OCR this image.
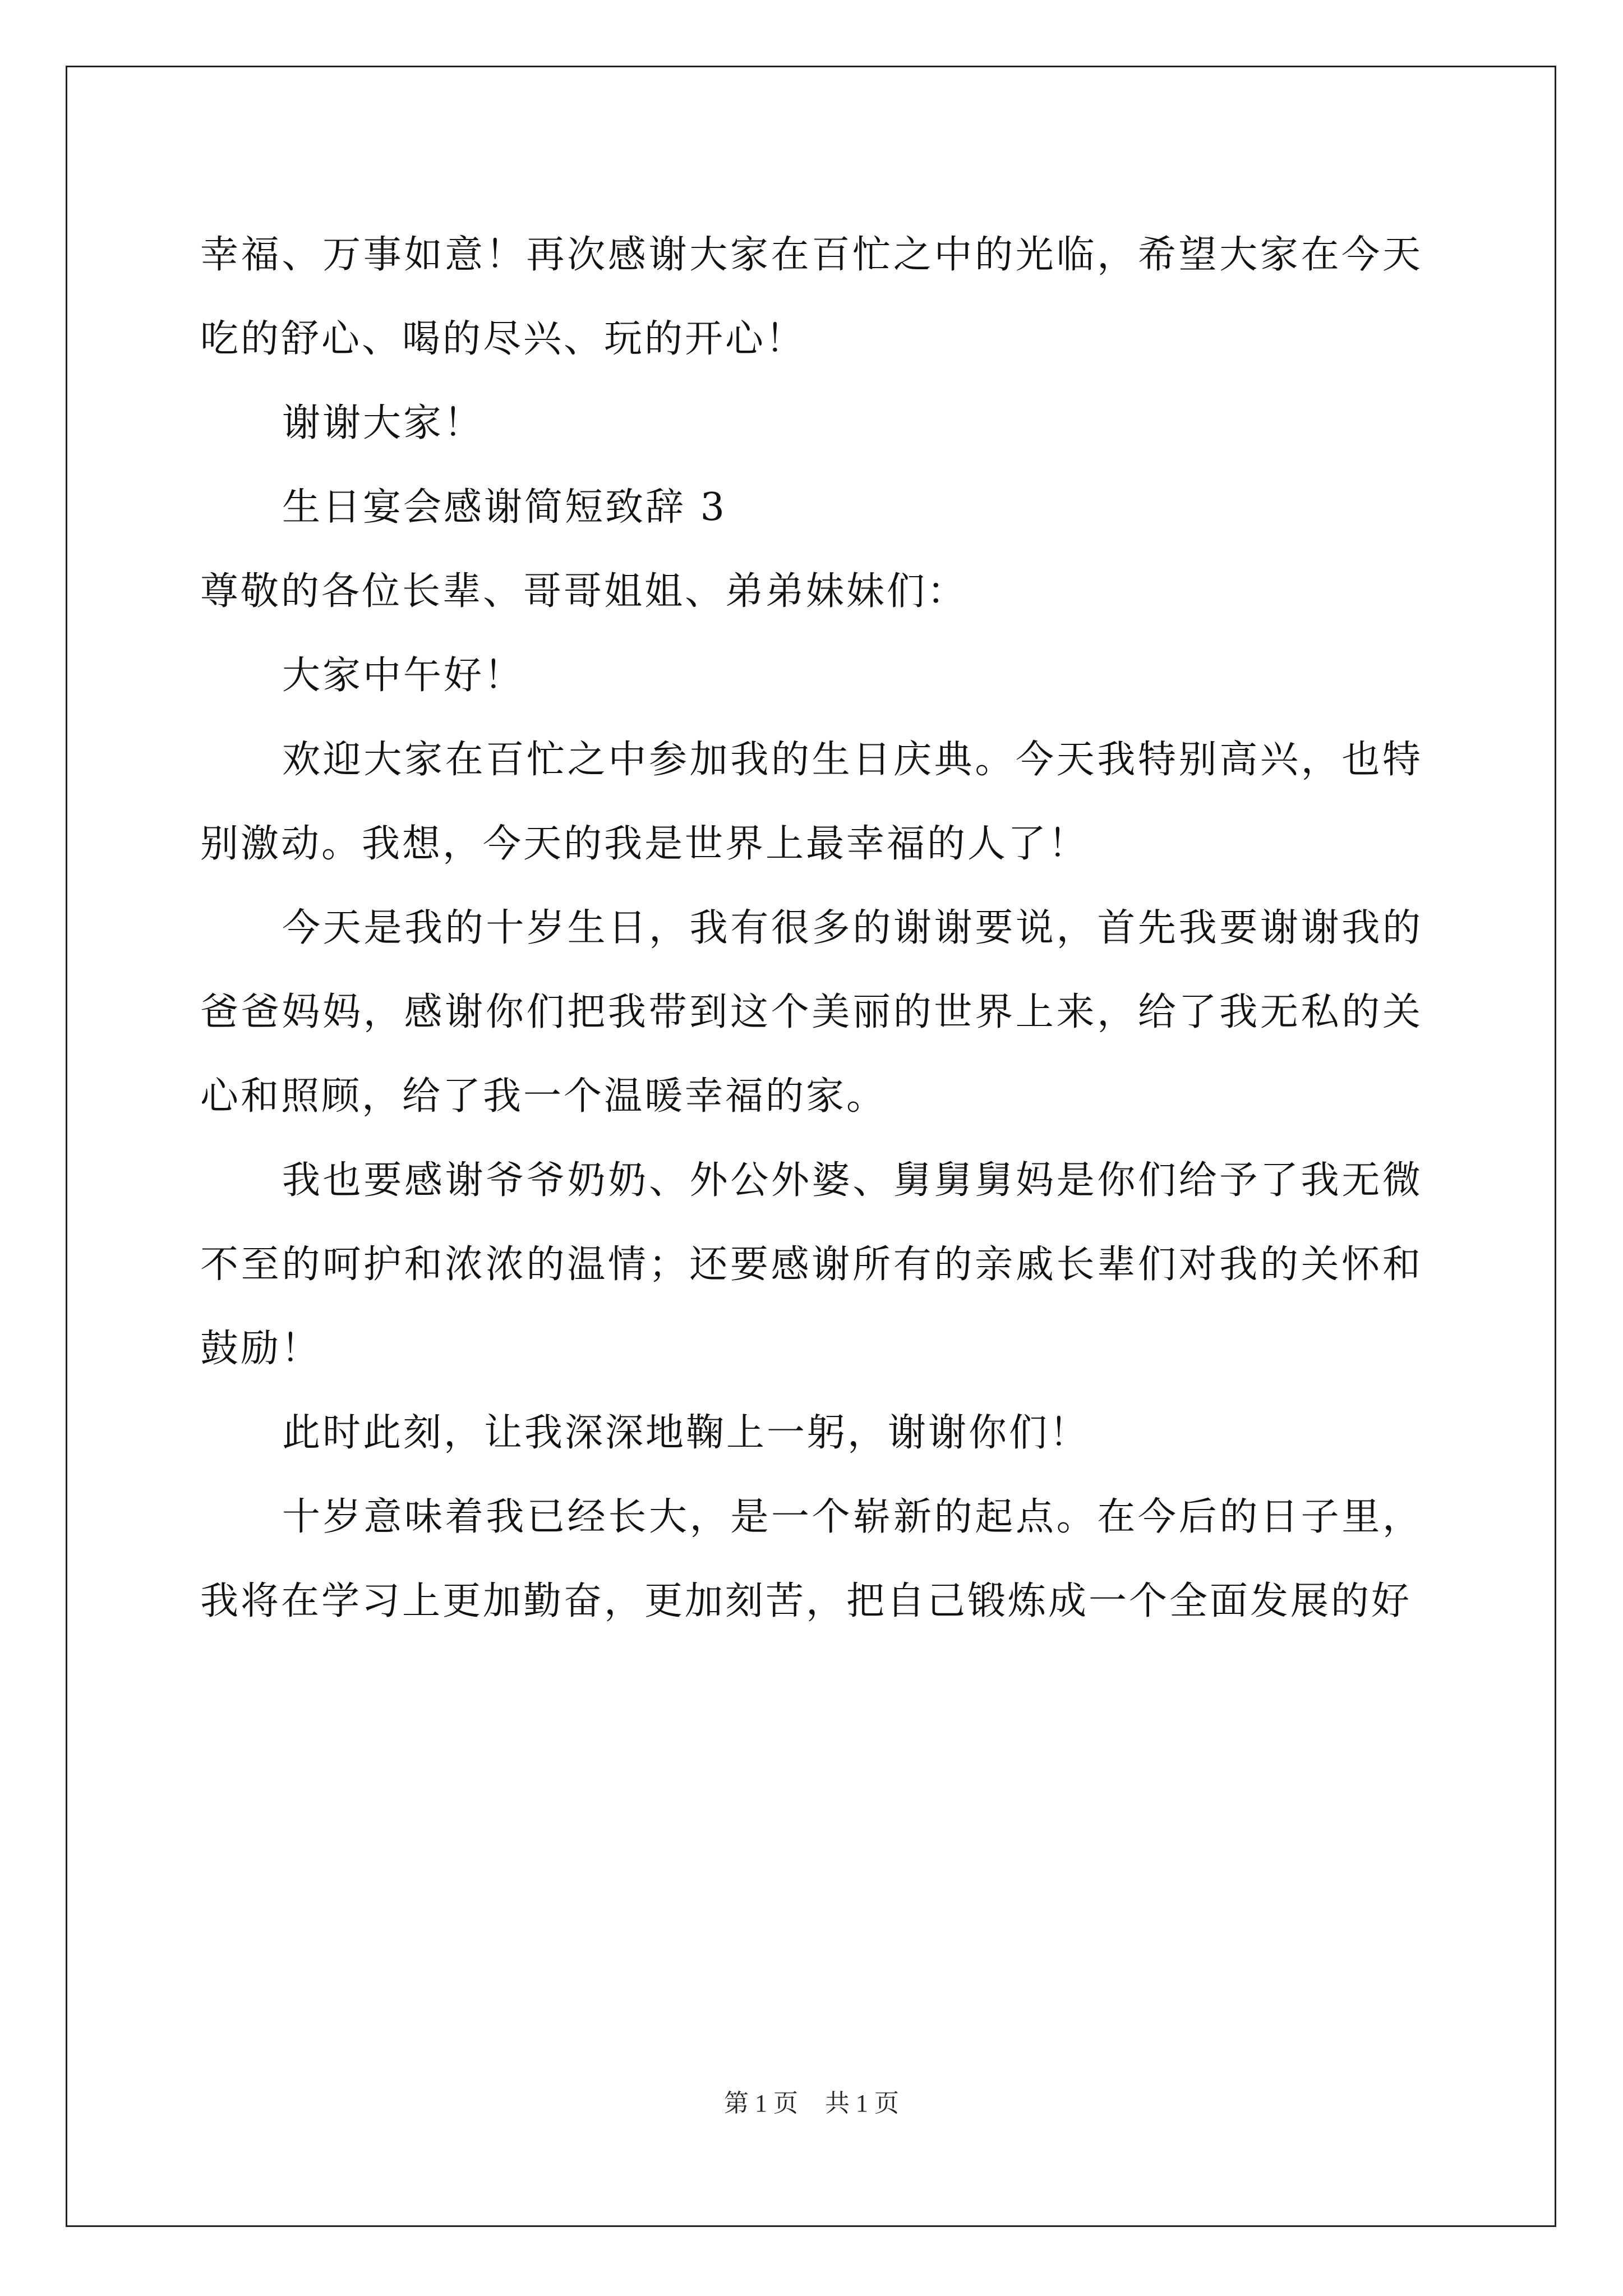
幸福、万事如意！再次感谢大家在百忙之中的光临，希望大家在今天吃的舒心、喝的尽兴、玩的开心！

谢谢大家！

生日宴会感谢简短致辞 3

尊敬的各位长辈、哥哥姐姐、弟弟妹妹们：

大家中午好！

欢迎大家在百忙之中参加我的生日庆典。今天我特别高兴，也特别激动。我想，今天的我是世界上最幸福的人了！

今天是我的十岁生日，我有很多的谢谢要说，首先我要谢谢我的爸爸妈妈，感谢你们把我带到这个美丽的世界上来，给了我无私的关心和照顾，给了我一个温暖幸福的家。

我也要感谢爷爷奶奶、外公外婆、舅舅舅妈是你们给予了我无微不至的呵护和浓浓的温情；还要感谢所有的亲戚长辈们对我的关怀和鼓励！

此时此刻，让我深深地鞠上一躬，谢谢你们！

十岁意味着我已经长大，是一个崭新的起点。在今后的日子里，我将在学习上更加勤奋，更加刻苦，把自己锻炼成一个全面发展的好

第 1 页 共 1 页
